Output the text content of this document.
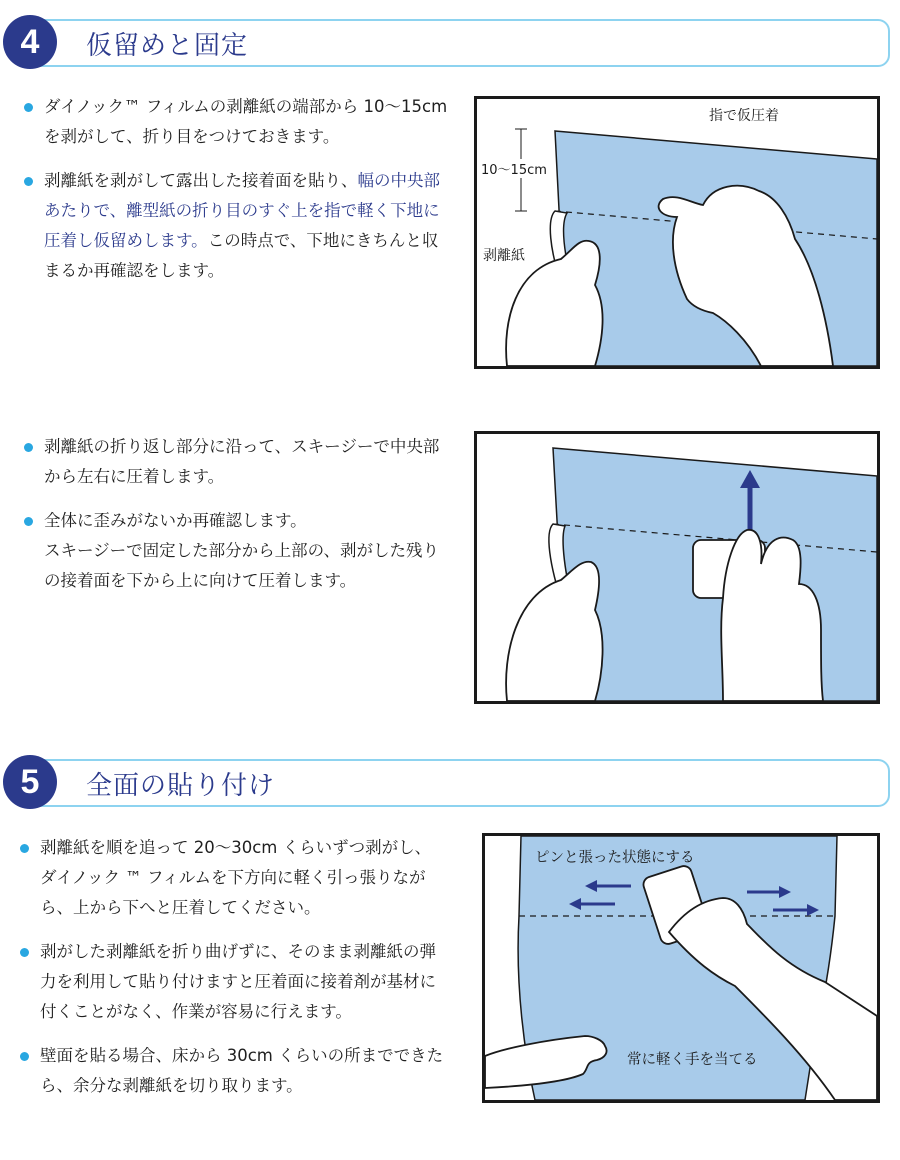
仮留めと固定
4
ダイノック™ フィルムの剥離紙の端部から 10〜15cm を剥がして、折り目をつけておきます。
剥離紙を剥がして露出した接着面を貼り、幅の中央部あたりで、離型紙の折り目のすぐ上を指で軽く下地に圧着し仮留めします。この時点で、下地にきちんと収まるか再確認をします。
指で仮圧着
10〜15cm
剥離紙
剥離紙の折り返し部分に沿って、スキージーで中央部から左右に圧着します。
全体に歪みがないか再確認します。
スキージーで固定した部分から上部の、剥がした残りの接着面を下から上に向けて圧着します。
全面の貼り付け
5
剥離紙を順を追って 20〜30cm くらいずつ剥がし、ダイノック ™ フィルムを下方向に軽く引っ張りながら、上から下へと圧着してください。
剥がした剥離紙を折り曲げずに、そのまま剥離紙の弾力を利用して貼り付けますと圧着面に接着剤が基材に付くことがなく、作業が容易に行えます。
壁面を貼る場合、床から 30cm くらいの所までできたら、余分な剥離紙を切り取ります。
ピンと張った状態にする
常に軽く手を当てる
